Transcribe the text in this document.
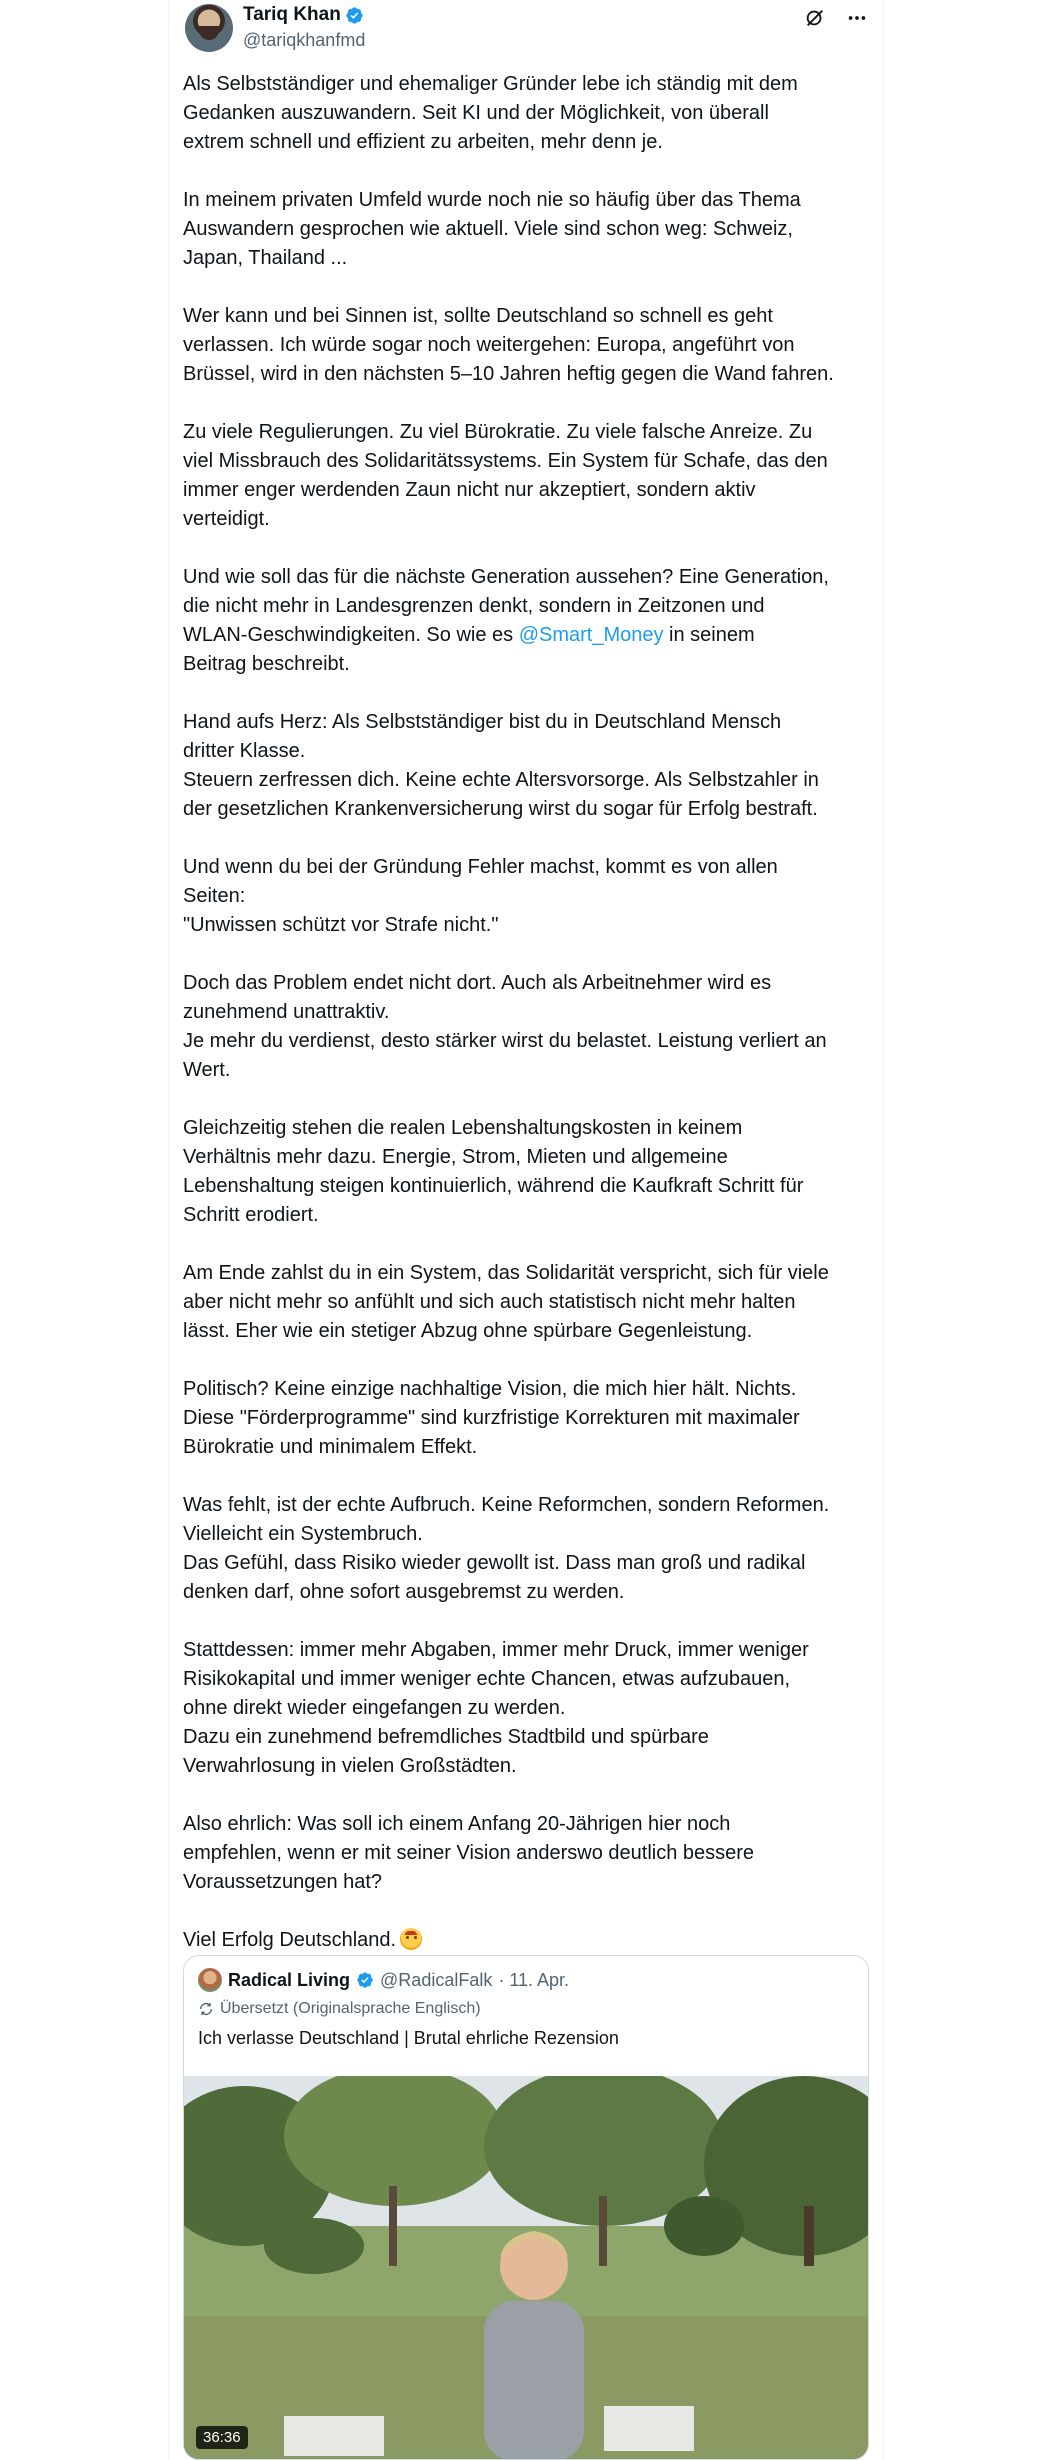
Tariq Khan
@tariqkhanfmd
Als Selbstständiger und ehemaliger Gründer lebe ich ständig mit dem
Gedanken auszuwandern. Seit KI und der Möglichkeit, von überall
extrem schnell und effizient zu arbeiten, mehr denn je.
In meinem privaten Umfeld wurde noch nie so häufig über das Thema
Auswandern gesprochen wie aktuell. Viele sind schon weg: Schweiz,
Japan, Thailand ...
Wer kann und bei Sinnen ist, sollte Deutschland so schnell es geht
verlassen. Ich würde sogar noch weitergehen: Europa, angeführt von
Brüssel, wird in den nächsten 5–10 Jahren heftig gegen die Wand fahren.
Zu viele Regulierungen. Zu viel Bürokratie. Zu viele falsche Anreize. Zu
viel Missbrauch des Solidaritätssystems. Ein System für Schafe, das den
immer enger werdenden Zaun nicht nur akzeptiert, sondern aktiv
verteidigt.
Und wie soll das für die nächste Generation aussehen? Eine Generation,
die nicht mehr in Landesgrenzen denkt, sondern in Zeitzonen und
WLAN-Geschwindigkeiten. So wie es @Smart_Money in seinem
Beitrag beschreibt.
Hand aufs Herz: Als Selbstständiger bist du in Deutschland Mensch
dritter Klasse.
Steuern zerfressen dich. Keine echte Altersvorsorge. Als Selbstzahler in
der gesetzlichen Krankenversicherung wirst du sogar für Erfolg bestraft.
Und wenn du bei der Gründung Fehler machst, kommt es von allen
Seiten:
"Unwissen schützt vor Strafe nicht."
Doch das Problem endet nicht dort. Auch als Arbeitnehmer wird es
zunehmend unattraktiv.
Je mehr du verdienst, desto stärker wirst du belastet. Leistung verliert an
Wert.
Gleichzeitig stehen die realen Lebenshaltungskosten in keinem
Verhältnis mehr dazu. Energie, Strom, Mieten und allgemeine
Lebenshaltung steigen kontinuierlich, während die Kaufkraft Schritt für
Schritt erodiert.
Am Ende zahlst du in ein System, das Solidarität verspricht, sich für viele
aber nicht mehr so anfühlt und sich auch statistisch nicht mehr halten
lässt. Eher wie ein stetiger Abzug ohne spürbare Gegenleistung.
Politisch? Keine einzige nachhaltige Vision, die mich hier hält. Nichts.
Diese "Förderprogramme" sind kurzfristige Korrekturen mit maximaler
Bürokratie und minimalem Effekt.
Was fehlt, ist der echte Aufbruch. Keine Reformchen, sondern Reformen.
Vielleicht ein Systembruch.
Das Gefühl, dass Risiko wieder gewollt ist. Dass man groß und radikal
denken darf, ohne sofort ausgebremst zu werden.
Stattdessen: immer mehr Abgaben, immer mehr Druck, immer weniger
Risikokapital und immer weniger echte Chancen, etwas aufzubauen,
ohne direkt wieder eingefangen zu werden.
Dazu ein zunehmend befremdliches Stadtbild und spürbare
Verwahrlosung in vielen Großstädten.
Also ehrlich: Was soll ich einem Anfang 20-Jährigen hier noch
empfehlen, wenn er mit seiner Vision anderswo deutlich bessere
Voraussetzungen hat?
Viel Erfolg Deutschland.
Radical Living @RadicalFalk · 11. Apr.
Übersetzt (Originalsprache Englisch)
Ich verlasse Deutschland | Brutal ehrliche Rezension
36:36
